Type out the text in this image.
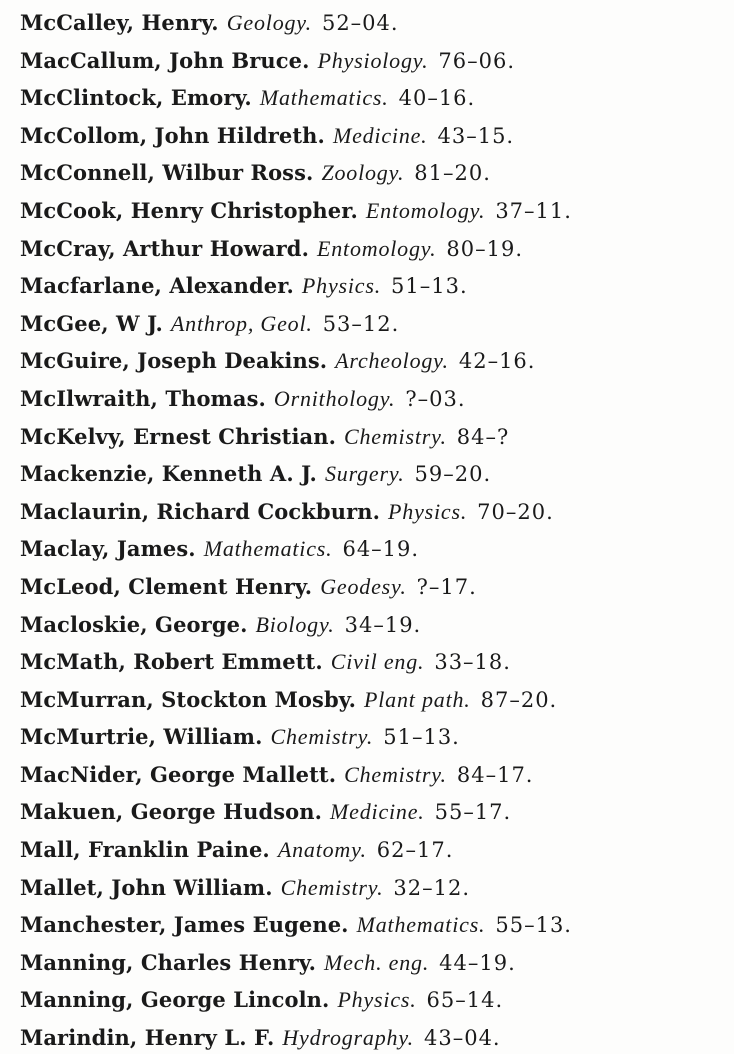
McCalley, Henry. Geology. 52–04.
MacCallum, John Bruce. Physiology. 76–06.
McClintock, Emory. Mathematics. 40–16.
McCollom, John Hildreth. Medicine. 43–15.
McConnell, Wilbur Ross. Zoology. 81–20.
McCook, Henry Christopher. Entomology. 37–11.
McCray, Arthur Howard. Entomology. 80–19.
Macfarlane, Alexander. Physics. 51–13.
McGee, W J. Anthrop, Geol. 53–12.
McGuire, Joseph Deakins. Archeology. 42–16.
McIlwraith, Thomas. Ornithology. ?–03.
McKelvy, Ernest Christian. Chemistry. 84–?
Mackenzie, Kenneth A. J. Surgery. 59–20.
Maclaurin, Richard Cockburn. Physics. 70–20.
Maclay, James. Mathematics. 64–19.
McLeod, Clement Henry. Geodesy. ?–17.
Macloskie, George. Biology. 34–19.
McMath, Robert Emmett. Civil eng. 33–18.
McMurran, Stockton Mosby. Plant path. 87–20.
McMurtrie, William. Chemistry. 51–13.
MacNider, George Mallett. Chemistry. 84–17.
Makuen, George Hudson. Medicine. 55–17.
Mall, Franklin Paine. Anatomy. 62–17.
Mallet, John William. Chemistry. 32–12.
Manchester, James Eugene. Mathematics. 55–13.
Manning, Charles Henry. Mech. eng. 44–19.
Manning, George Lincoln. Physics. 65–14.
Marindin, Henry L. F. Hydrography. 43–04.
